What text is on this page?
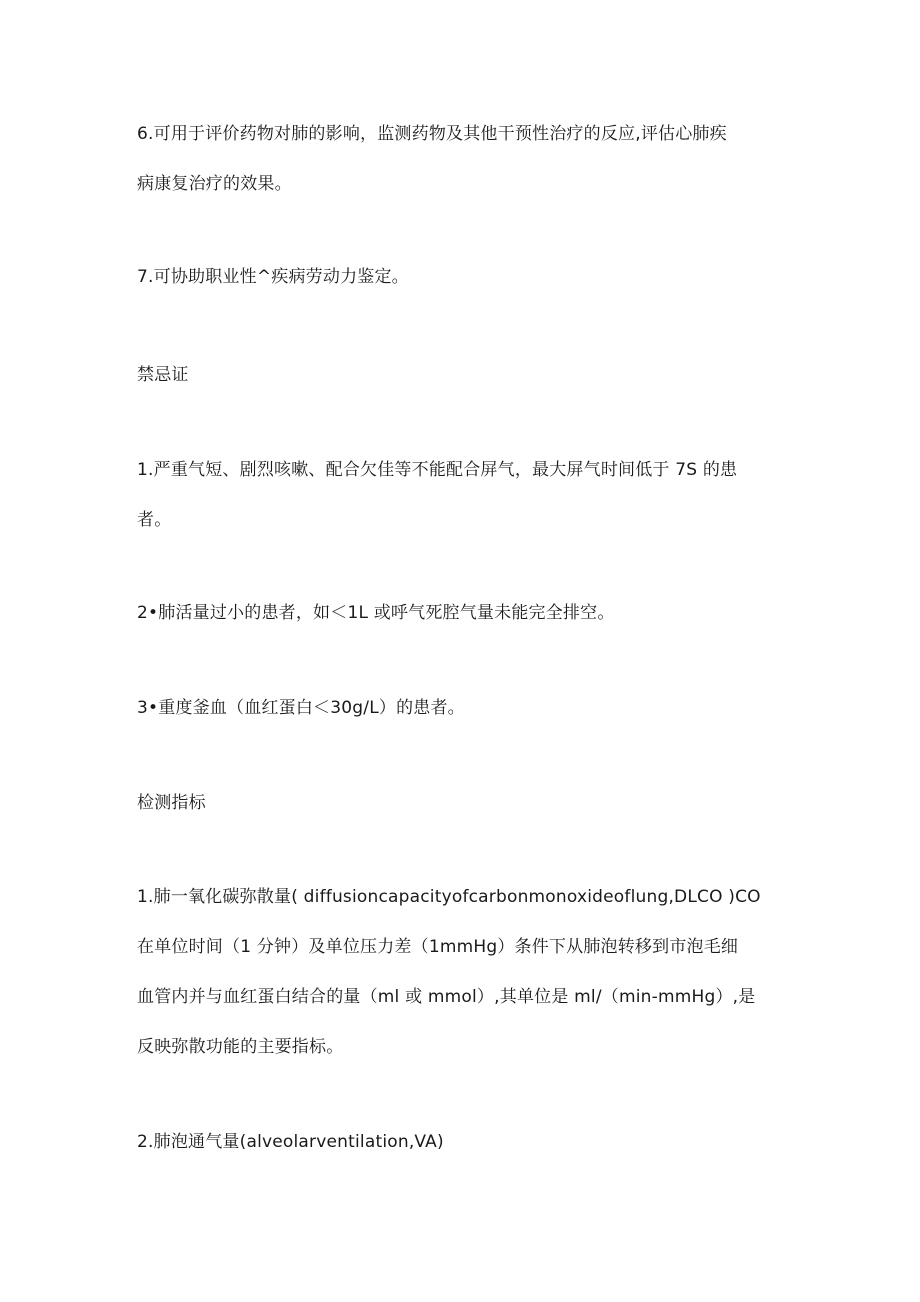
6.可用于评价药物对肺的影响，监测药物及其他干预性治疗的反应,评估心肺疾
病康复治疗的效果。
7.可协助职业性^疾病劳动力鉴定。
禁忌证
1.严重气短、剧烈咳嗽、配合欠佳等不能配合屏气，最大屏气时间低于 7S 的患
者。
2•肺活量过小的患者，如＜1L 或呼气死腔气量未能完全排空。
3•重度釜血（血红蛋白＜30g/L）的患者。
检测指标
1.肺一氧化碳弥散量( diffusioncapacityofcarbonmonoxideoflung,DLCO )CO
在单位时间（1 分钟）及单位压力差（1mmHg）条件下从肺泡转移到市泡毛细
血管内并与血红蛋白结合的量（ml 或 mmol）,其单位是 ml/（min-mmHg）,是
反映弥散功能的主要指标。
2.肺泡通气量(alveolarventilation,VA)
